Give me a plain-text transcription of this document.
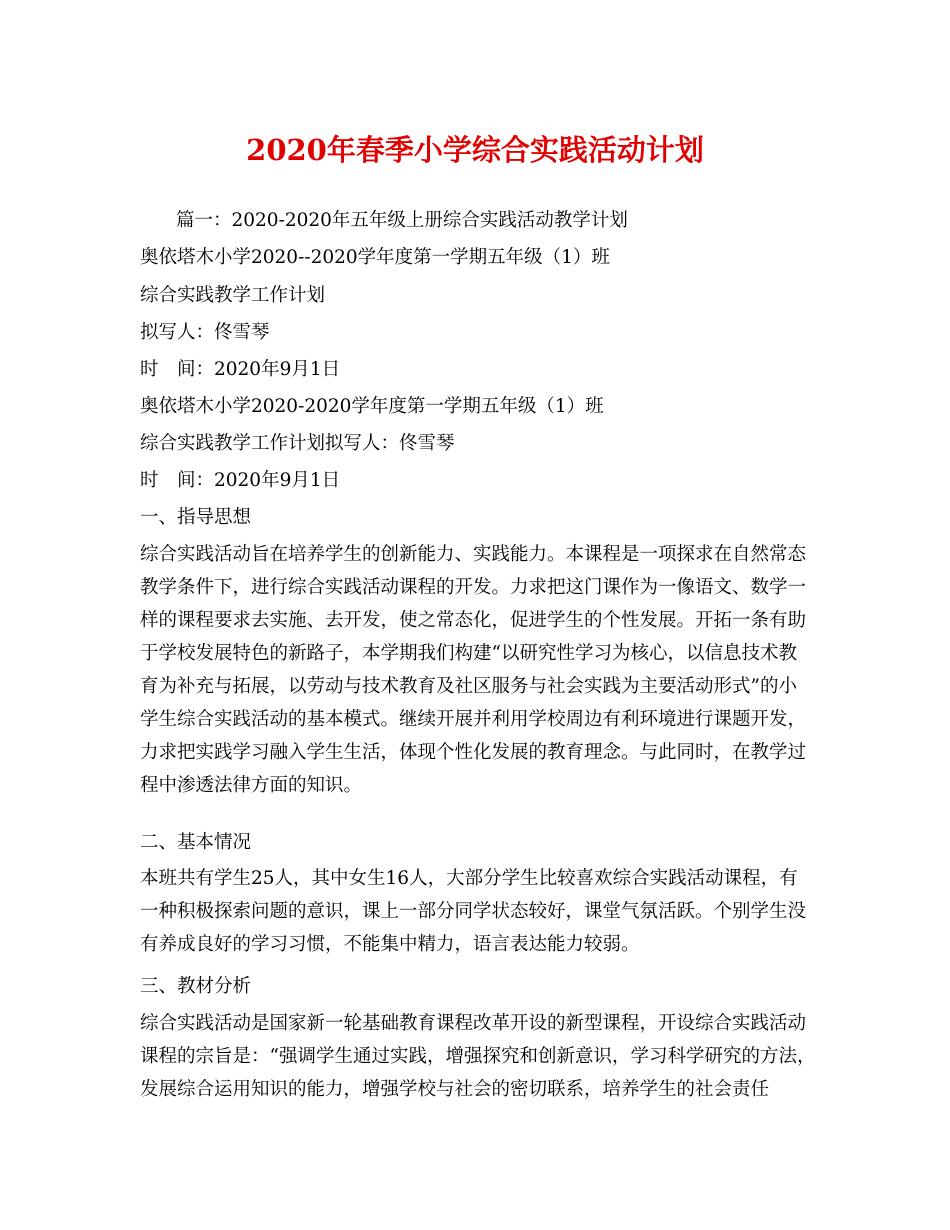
2020年春季小学综合实践活动计划
篇一：2020-2020年五年级上册综合实践活动教学计划
奥依塔木小学2020--2020学年度第一学期五年级（1）班
综合实践教学工作计划
拟写人：佟雪琴
时　间：2020年9月1日
奥依塔木小学2020-2020学年度第一学期五年级（1）班
综合实践教学工作计划拟写人：佟雪琴
时　间：2020年9月1日
一、指导思想
综合实践活动旨在培养学生的创新能力、实践能力。本课程是一项探求在自然常态
教学条件下，进行综合实践活动课程的开发。力求把这门课作为一像语文、数学一
样的课程要求去实施、去开发，使之常态化，促进学生的个性发展。开拓一条有助
于学校发展特色的新路子，本学期我们构建“以研究性学习为核心，以信息技术教
育为补充与拓展，以劳动与技术教育及社区服务与社会实践为主要活动形式”的小
学生综合实践活动的基本模式。继续开展并利用学校周边有利环境进行课题开发，
力求把实践学习融入学生生活，体现个性化发展的教育理念。与此同时，在教学过
程中渗透法律方面的知识。
二、基本情况
本班共有学生25人，其中女生16人，大部分学生比较喜欢综合实践活动课程，有
一种积极探索问题的意识，课上一部分同学状态较好，课堂气氛活跃。个别学生没
有养成良好的学习习惯，不能集中精力，语言表达能力较弱。
三、教材分析
综合实践活动是国家新一轮基础教育课程改革开设的新型课程，开设综合实践活动
课程的宗旨是：“强调学生通过实践，增强探究和创新意识，学习科学研究的方法，
发展综合运用知识的能力，增强学校与社会的密切联系，培养学生的社会责任
